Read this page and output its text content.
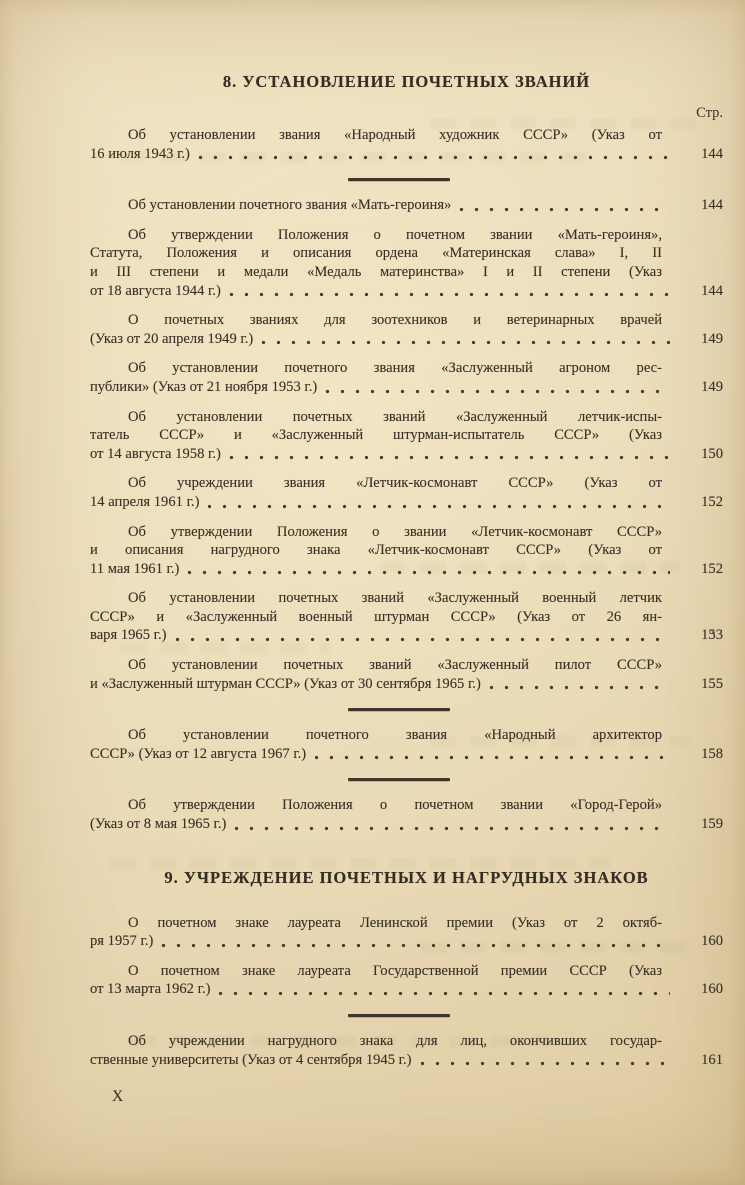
8. УСТАНОВЛЕНИЕ ПОЧЕТНЫХ ЗВАНИЙ
Стр.
Об установлении звания «Народный художник СССР» (Указ от
16 июля 1943 г.)	144
Об установлении почетного звания «Мать-героиня»	144
Об утверждении Положения о почетном звании «Мать-героиня»,
Статута, Положения и описания ордена «Материнская слава» I, II
и III степени и медали «Медаль материнства» I и II степени (Указ
от 18 августа 1944 г.)	144
О почетных званиях для зоотехников и ветеринарных врачей
(Указ от 20 апреля 1949 г.)	149
Об установлении почетного звания «Заслуженный агроном рес-
публики» (Указ от 21 ноября 1953 г.)	149
Об установлении почетных званий «Заслуженный летчик-испы-
татель СССР» и «Заслуженный штурман-испытатель СССР» (Указ
от 14 августа 1958 г.)	150
Об учреждении звания «Летчик-космонавт СССР» (Указ от
14 апреля 1961 г.)	152
Об утверждении Положения о звании «Летчик-космонавт СССР»
и описания нагрудного знака «Летчик-космонавт СССР» (Указ от
11 мая 1961 г.)	152
Об установлении почетных званий «Заслуженный военный летчик
СССР» и «Заслуженный военный штурман СССР» (Указ от 26 ян-
варя 1965 г.)	153
Об установлении почетных званий «Заслуженный пилот СССР»
и «Заслуженный штурман СССР» (Указ от 30 сентября 1965 г.)	155
Об установлении почетного звания «Народный архитектор
СССР» (Указ от 12 августа 1967 г.)	158
Об утверждении Положения о почетном звании «Город-Герой»
(Указ от 8 мая 1965 г.)	159
9. УЧРЕЖДЕНИЕ ПОЧЕТНЫХ И НАГРУДНЫХ ЗНАКОВ
О почетном знаке лауреата Ленинской премии (Указ от 2 октяб-
ря 1957 г.)	160
О почетном знаке лауреата Государственной премии СССР (Указ
от 13 марта 1962 г.)	160
Об учреждении нагрудного знака для лиц, окончивших государ-
ственные университеты (Указ от 4 сентября 1945 г.)	161
X
